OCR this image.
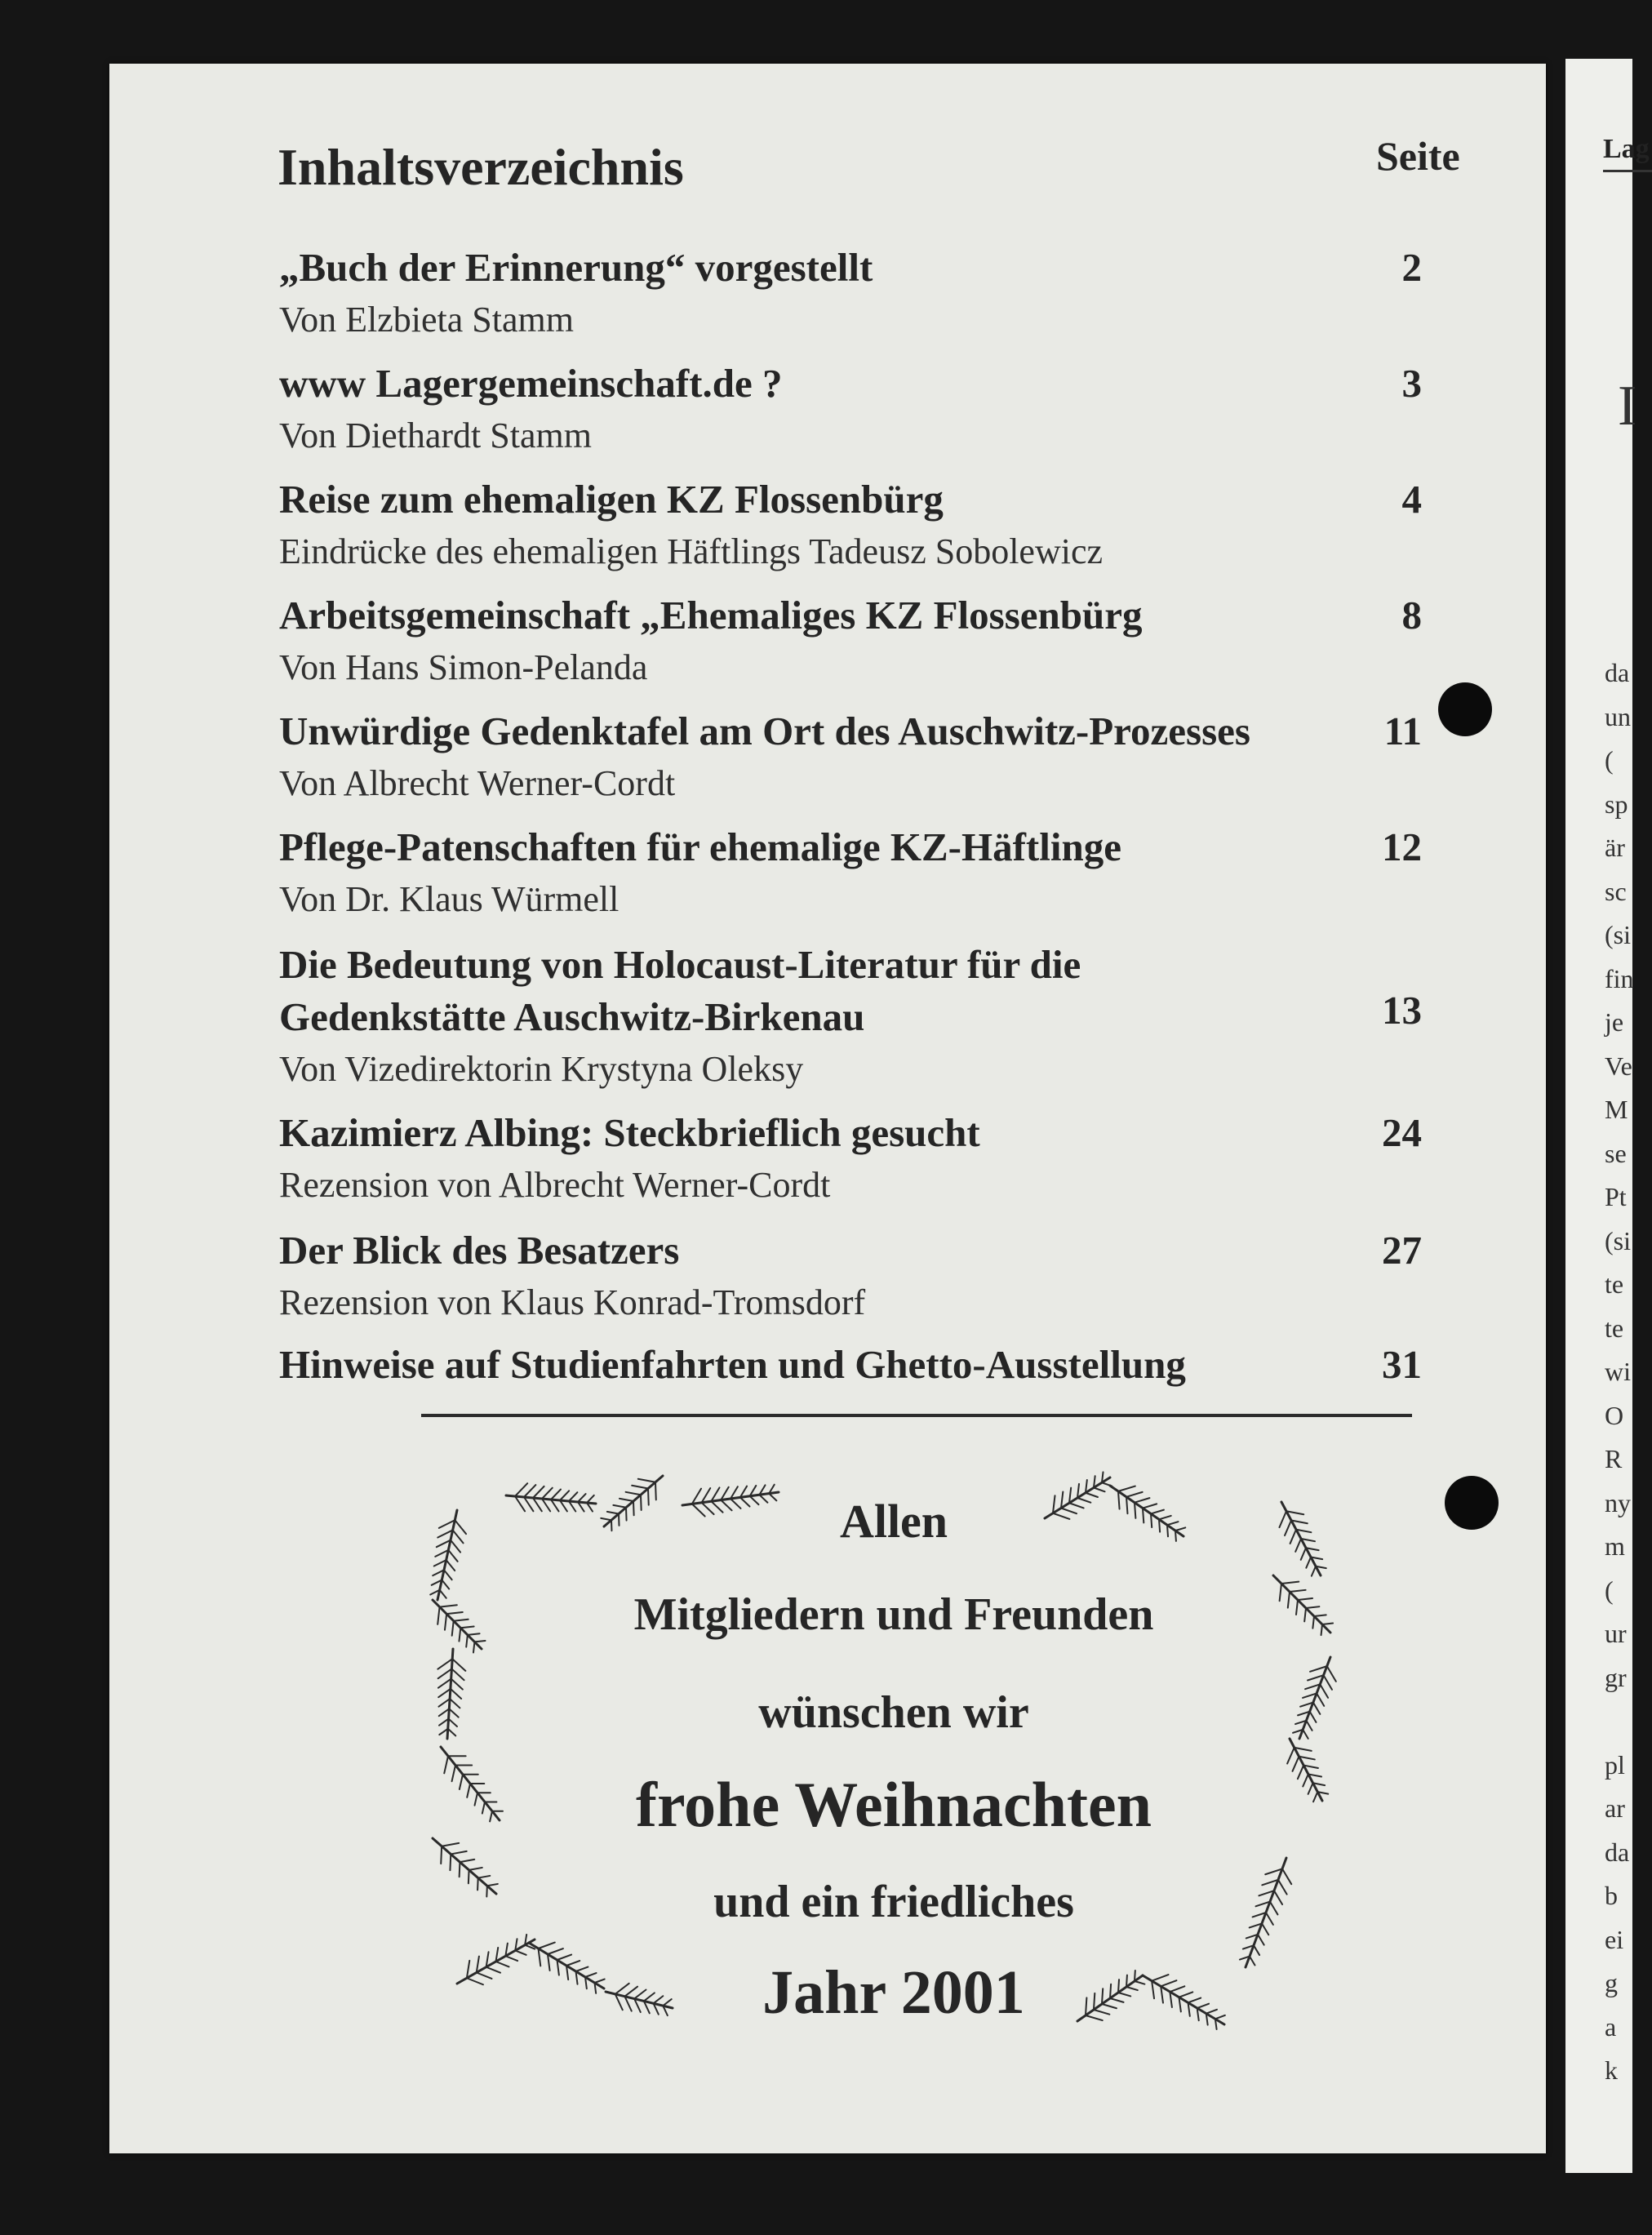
Lag
I
da
un
(
sp
är
sc
(si
fin
je
Ve
M
se
Pt
(si
te
te
wi
O
R
ny
m
(
ur
gr

pl
ar
da
b
ei
g
a
k
Inhaltsverzeichnis	Seite
„Buch der Erinnerung“ vorgestellt
Von Elzbieta Stamm
2
www Lagergemeinschaft.de ?
Von Diethardt Stamm
3
Reise zum ehemaligen KZ Flossenbürg
Eindrücke des ehemaligen Häftlings Tadeusz Sobolewicz
4
Arbeitsgemeinschaft „Ehemaliges KZ Flossenbürg
Von Hans Simon-Pelanda
8
Unwürdige Gedenktafel am Ort des Auschwitz-Prozesses
Von Albrecht Werner-Cordt
11
Pflege-Patenschaften für ehemalige KZ-Häftlinge
Von Dr. Klaus Würmell
12
Die Bedeutung von Holocaust-Literatur für die
Gedenkstätte Auschwitz-Birkenau
Von Vizedirektorin Krystyna Oleksy
13
Kazimierz Albing: Steckbrieflich gesucht
Rezension von Albrecht Werner-Cordt
24
Der Blick des Besatzers
Rezension von Klaus Konrad-Tromsdorf
27
Hinweise auf Studienfahrten und Ghetto-Ausstellung	31
Allen
Mitgliedern und Freunden
wünschen wir
frohe Weihnachten
und ein friedliches
Jahr 2001
